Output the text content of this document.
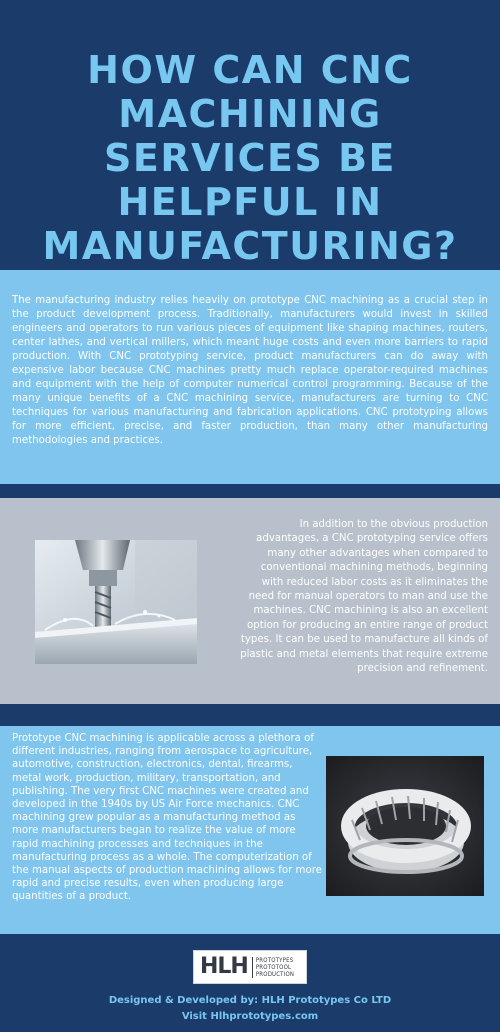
HOW CAN CNC MACHINING SERVICES BE HELPFUL IN MANUFACTURING?

The manufacturing industry relies heavily on prototype CNC machining as a crucial step in the product development process. Traditionally, manufacturers would invest in skilled engineers and operators to run various pieces of equipment like shaping machines, routers, center lathes, and vertical millers, which meant huge costs and even more barriers to rapid production. With CNC prototyping service, product manufacturers can do away with expensive labor because CNC machines pretty much replace operator-required machines and equipment with the help of computer numerical control programming. Because of the many unique benefits of a CNC machining service, manufacturers are turning to CNC techniques for various manufacturing and fabrication applications. CNC prototyping allows for more efficient, precise, and faster production, than many other manufacturing methodologies and practices.

In addition to the obvious production advantages, a CNC prototyping service offers many other advantages when compared to conventional machining methods, beginning with reduced labor costs as it eliminates the need for manual operators to man and use the machines. CNC machining is also an excellent option for producing an entire range of product types. It can be used to manufacture all kinds of plastic and metal elements that require extreme precision and refinement.

Prototype CNC machining is applicable across a plethora of different industries, ranging from aerospace to agriculture, automotive, construction, electronics, dental, firearms, metal work, production, military, transportation, and publishing. The very first CNC machines were created and developed in the 1940s by US Air Force mechanics. CNC machining grew popular as a manufacturing method as more manufacturers began to realize the value of more rapid machining processes and techniques in the manufacturing process as a whole. The computerization of the manual aspects of production machining allows for more rapid and precise results, even when producing large quantities of a product.

HLH PROTOTYPES
PROTOTOOL
PRODUCTION
Designed & Developed by: HLH Prototypes Co LTD
Visit Hlhprototypes.com
